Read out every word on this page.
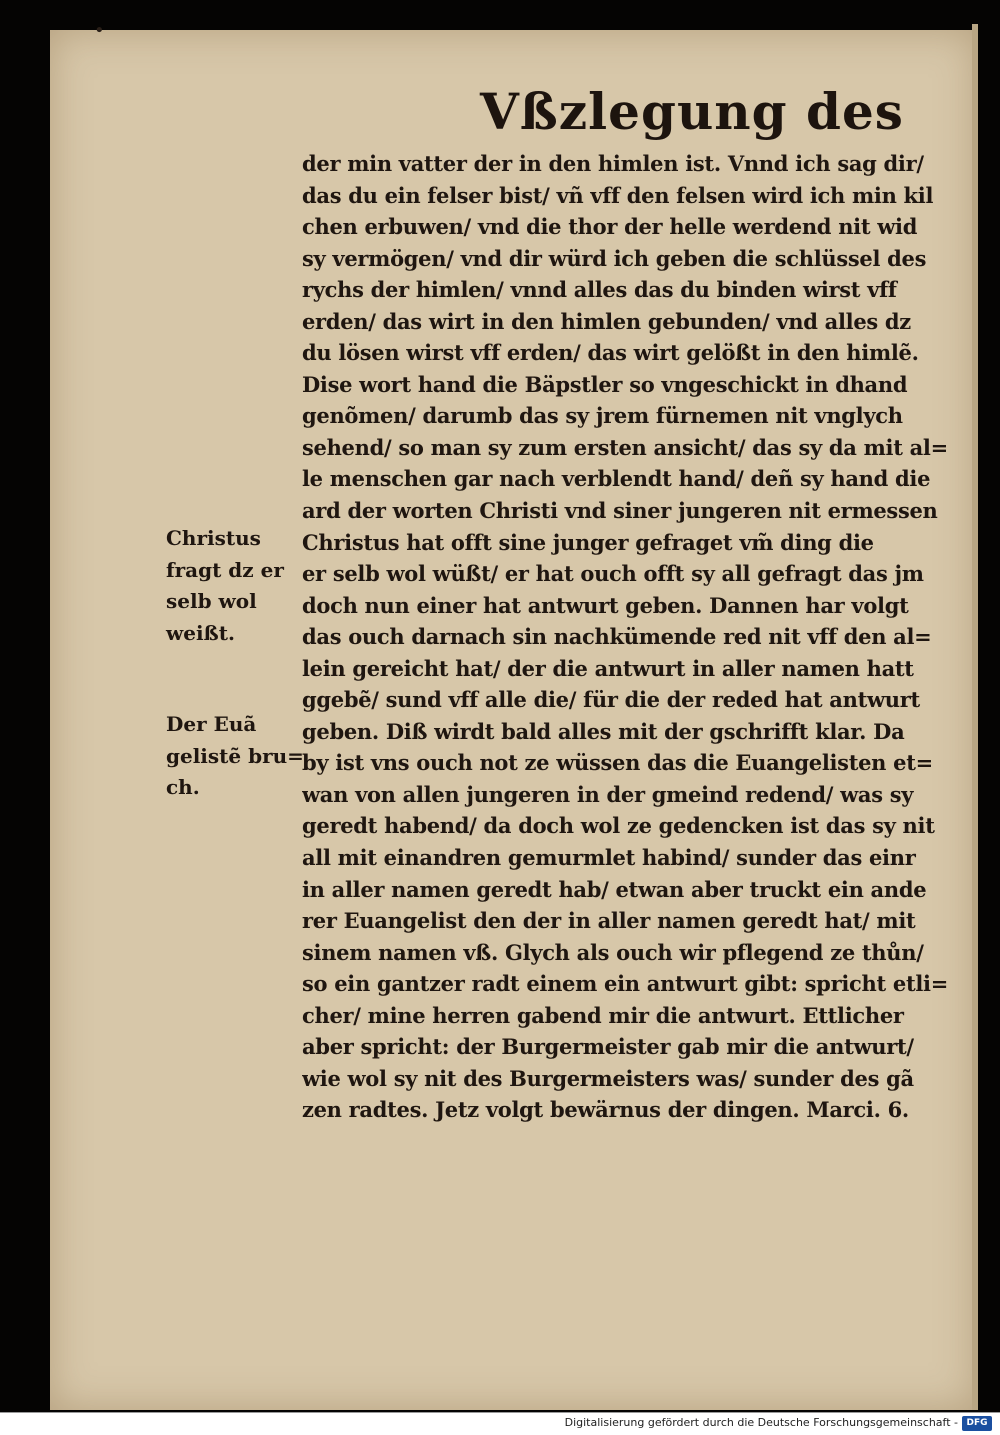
•
Vßzlegung des
der min vatter der in den himlen ist. Vnnd ich sag dir/
das du ein felser bist/ vñ vff den felsen wird ich min kil
chen erbuwen/ vnd die thor der helle werdend nit wid
sy vermögen/ vnd dir würd ich geben die schlüssel des
rychs der himlen/ vnnd alles das du binden wirst vff
erden/ das wirt in den himlen gebunden/ vnd alles dz
du lösen wirst vff erden/ das wirt gelößt in den himlẽ.
Dise wort hand die Bäpstler so vngeschickt in dhand
genõmen/ darumb das sy jrem fürnemen nit vnglych
sehend/ so man sy zum ersten ansicht/ das sy da mit al=
le menschen gar nach verblendt hand/ deñ sy hand die
ard der worten Christi vnd siner jungeren nit ermessen
Christus hat offt sine junger gefraget vm̃ ding die
er selb wol wüßt/ er hat ouch offt sy all gefragt das jm
doch nun einer hat antwurt geben. Dannen har volgt
das ouch darnach sin nachkümende red nit vff den al=
lein gereicht hat/ der die antwurt in aller namen hatt
ggebẽ/ sund vff alle die/ für die der reded hat antwurt
geben. Diß wirdt bald alles mit der gschrifft klar. Da
by ist vns ouch not ze wüssen das die Euangelisten et=
wan von allen jungeren in der gmeind redend/ was sy
geredt habend/ da doch wol ze gedencken ist das sy nit
all mit einandren gemurmlet habind/ sunder das einr
in aller namen geredt hab/ etwan aber truckt ein ande
rer Euangelist den der in aller namen geredt hat/ mit
sinem namen vß. Glych als ouch wir pflegend ze thůn/
so ein gantzer radt einem ein antwurt gibt: spricht etli=
cher/ mine herren gabend mir die antwurt. Ettlicher
aber spricht: der Burgermeister gab mir die antwurt/
wie wol sy nit des Burgermeisters was/ sunder des gã
zen radtes. Jetz volgt bewärnus der dingen. Marci. 6.
Christus
fragt dz er
selb wol
weißt.
Der Euã
gelistẽ bru=
ch.
Digitalisierung gefördert durch die Deutsche Forschungsgemeinschaft - DFG
